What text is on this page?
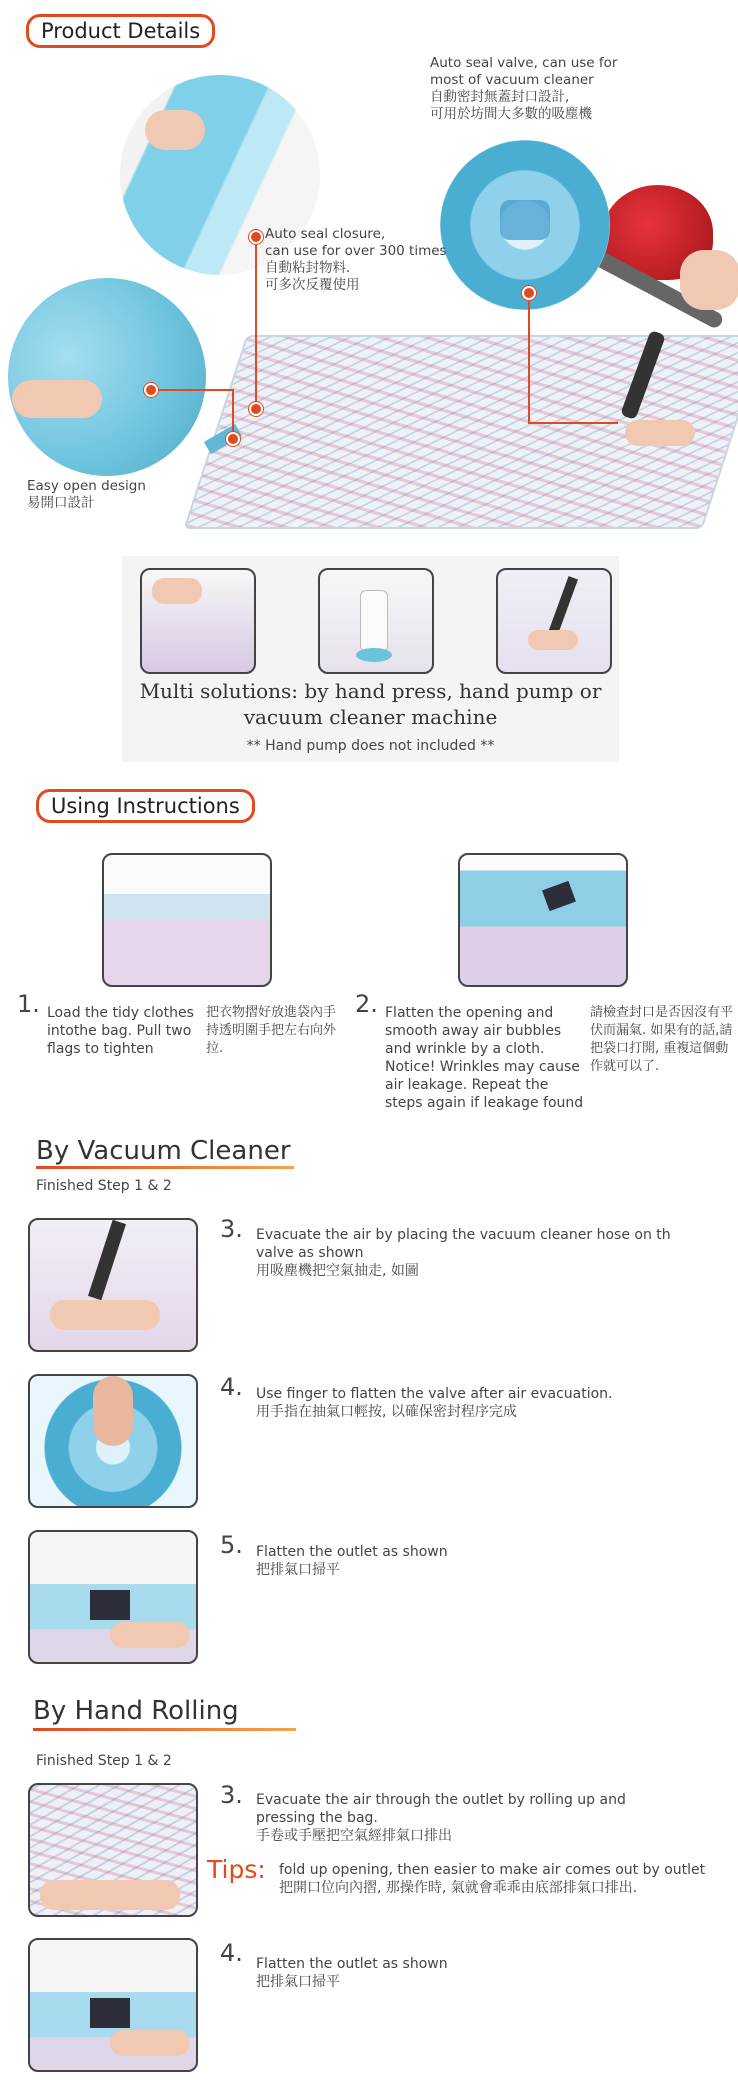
Product Details
Auto seal valve, can use for most of vacuum cleaner
自動密封無蓋封口設計,
可用於坊間大多數的吸塵機
Auto seal closure,
can use for over 300 times
自動粘封物料.
可多次反覆使用
Easy open design
易開口設計
Multi solutions: by hand press, hand pump or
vacuum cleaner machine
** Hand pump does not included **
Using Instructions
1. Load the tidy clothes intothe bag. Pull two flags to tighten
把衣物摺好放進袋內手持透明圍手把左右向外拉.
2. Flatten the opening and smooth away air bubbles and wrinkle by a cloth. Notice! Wrinkles may cause air leakage. Repeat the steps again if leakage found
請檢查封口是否因沒有平伏而漏氣. 如果有的話,請把袋口打開, 重複這個動作就可以了.
By Vacuum Cleaner
Finished Step 1 & 2
3. Evacuate the air by placing the vacuum cleaner hose on th valve as shown
用吸塵機把空氣抽走, 如圖
4. Use finger to flatten the valve after air evacuation.
用手指在抽氣口輕按, 以確保密封程序完成
5. Flatten the outlet as shown
把排氣口掃平
By Hand Rolling
Finished Step 1 & 2
3. Evacuate the air through the outlet by rolling up and pressing the bag.
手卷或手壓把空氣經排氣口排出
Tips: fold up opening, then easier to make air comes out by outlet
把開口位向內摺, 那操作時, 氣就會乖乖由底部排氣口排出.
4. Flatten the outlet as shown
把排氣口掃平
